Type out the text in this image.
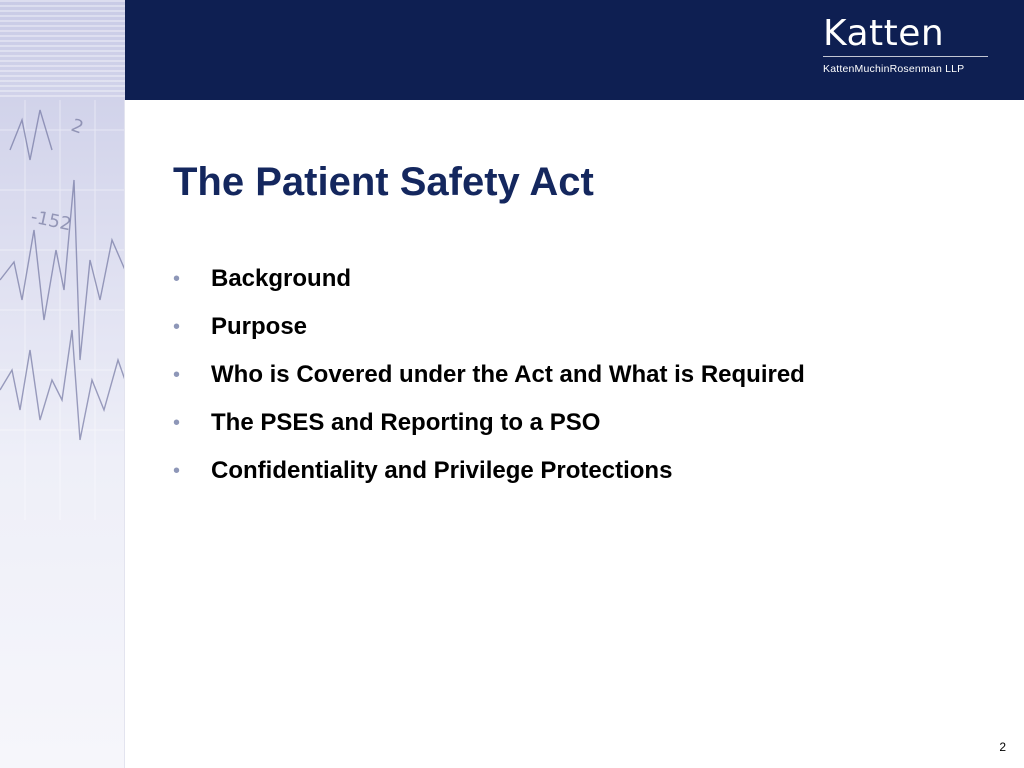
-152
2
Katten
KattenMuchinRosenman LLP
The Patient Safety Act
• Background
• Purpose
• Who is Covered under the Act and What is Required
• The PSES and Reporting to a PSO
• Confidentiality and Privilege Protections
2
